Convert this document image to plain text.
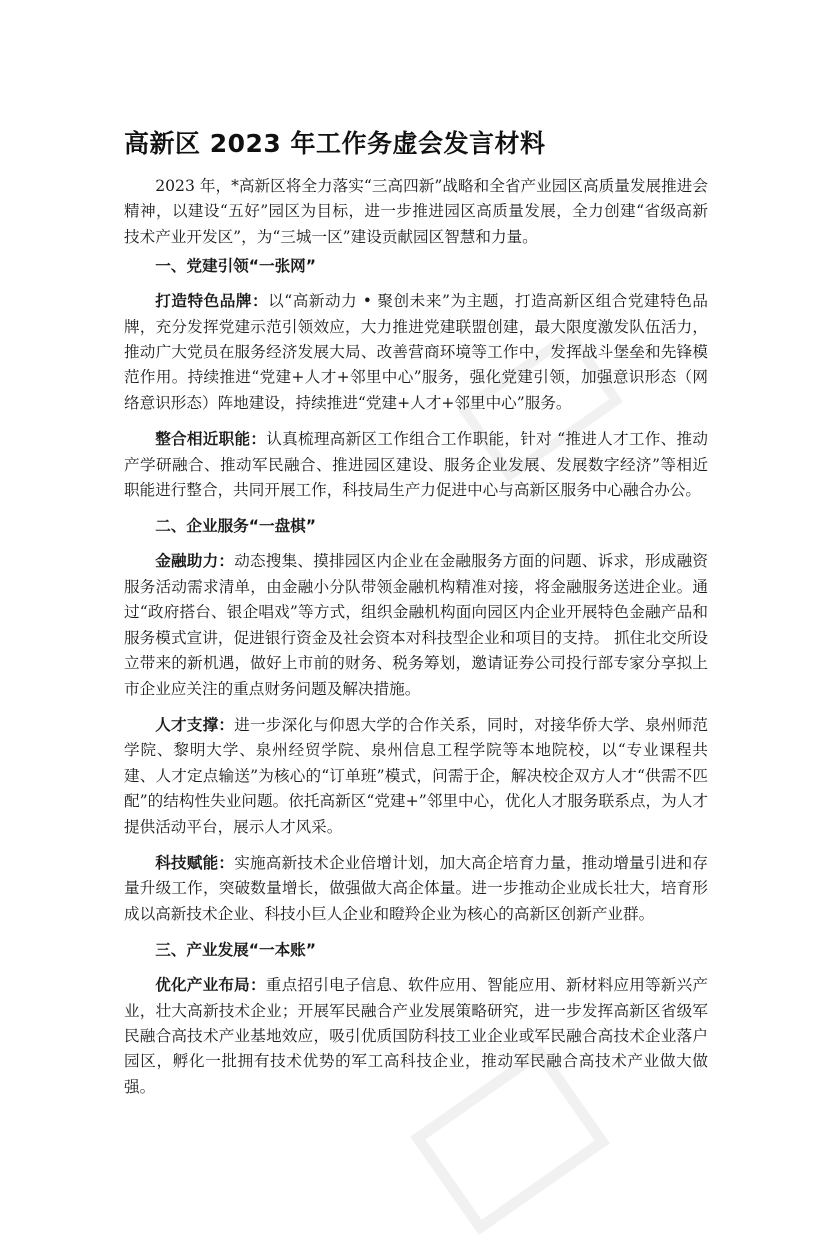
高新区 2023 年工作务虚会发言材料

2023 年，*高新区将全力落实“三高四新”战略和全省产业园区高质量发展推进会精神，以建设“五好”园区为目标，进一步推进园区高质量发展，全力创建“省级高新技术产业开发区”，为“三城一区”建设贡献园区智慧和力量。

一、党建引领“一张网”

打造特色品牌：以“高新动力 • 聚创未来”为主题，打造高新区组合党建特色品牌，充分发挥党建示范引领效应，大力推进党建联盟创建，最大限度激发队伍活力，推动广大党员在服务经济发展大局、改善营商环境等工作中，发挥战斗堡垒和先锋模范作用。持续推进“党建+人才+邻里中心”服务，强化党建引领，加强意识形态（网络意识形态）阵地建设，持续推进“党建+人才+邻里中心”服务。

整合相近职能：认真梳理高新区工作组合工作职能，针对 “推进人才工作、推动产学研融合、推动军民融合、推进园区建设、服务企业发展、发展数字经济”等相近职能进行整合，共同开展工作，科技局生产力促进中心与高新区服务中心融合办公。

二、企业服务“一盘棋”

金融助力：动态搜集、摸排园区内企业在金融服务方面的问题、诉求，形成融资服务活动需求清单，由金融小分队带领金融机构精准对接，将金融服务送进企业。通过“政府搭台、银企唱戏”等方式，组织金融机构面向园区内企业开展特色金融产品和服务模式宣讲，促进银行资金及社会资本对科技型企业和项目的支持。 抓住北交所设立带来的新机遇，做好上市前的财务、税务筹划，邀请证券公司投行部专家分享拟上市企业应关注的重点财务问题及解决措施。

人才支撑：进一步深化与仰恩大学的合作关系，同时，对接华侨大学、泉州师范学院、黎明大学、泉州经贸学院、泉州信息工程学院等本地院校，以“专业课程共建、人才定点输送”为核心的“订单班”模式，问需于企，解决校企双方人才“供需不匹配”的结构性失业问题。依托高新区“党建+”邻里中心，优化人才服务联系点，为人才提供活动平台，展示人才风采。

科技赋能：实施高新技术企业倍增计划，加大高企培育力量，推动增量引进和存量升级工作，突破数量增长，做强做大高企体量。进一步推动企业成长壮大，培育形成以高新技术企业、科技小巨人企业和瞪羚企业为核心的高新区创新产业群。

三、产业发展“一本账”

优化产业布局：重点招引电子信息、软件应用、智能应用、新材料应用等新兴产业，壮大高新技术企业；开展军民融合产业发展策略研究，进一步发挥高新区省级军民融合高技术产业基地效应，吸引优质国防科技工业企业或军民融合高技术企业落户园区，孵化一批拥有技术优势的军工高科技企业，推动军民融合高技术产业做大做强。
